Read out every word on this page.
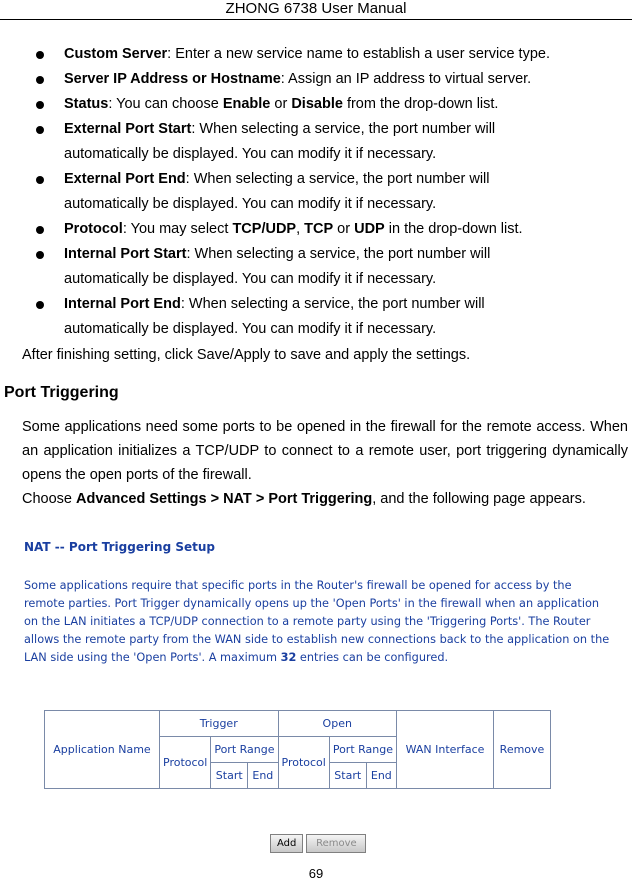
ZHONG 6738 User Manual
Custom Server: Enter a new service name to establish a user service type.
Server IP Address or Hostname: Assign an IP address to virtual server.
Status: You can choose Enable or Disable from the drop-down list.
External Port Start: When selecting a service, the port number will
automatically be displayed. You can modify it if necessary.
External Port End: When selecting a service, the port number will
automatically be displayed. You can modify it if necessary.
Protocol: You may select TCP/UDP, TCP or UDP in the drop-down list.
Internal Port Start: When selecting a service, the port number will
automatically be displayed. You can modify it if necessary.
Internal Port End: When selecting a service, the port number will
automatically be displayed. You can modify it if necessary.
After finishing setting, click Save/Apply to save and apply the settings.
Port Triggering

Some applications need some ports to be opened in the firewall for the remote access. When an application initializes a TCP/UDP to connect to a remote user, port triggering dynamically opens the open ports of the firewall.

Choose Advanced Settings > NAT > Port Triggering, and the following page appears.

NAT -- Port Triggering Setup
Some applications require that specific ports in the Router's firewall be opened for access by the remote parties. Port Trigger dynamically opens up the 'Open Ports' in the firewall when an application on the LAN initiates a TCP/UDP connection to a remote party using the 'Triggering Ports'. The Router allows the remote party from the WAN side to establish new connections back to the application on the LAN side using the 'Open Ports'. A maximum 32 entries can be configured.
Application Name	Trigger			Open			WAN Interface	Remove
	Protocol	Port Range		Protocol	Port Range			
		Start	End		Start	End		
Add Remove
69
